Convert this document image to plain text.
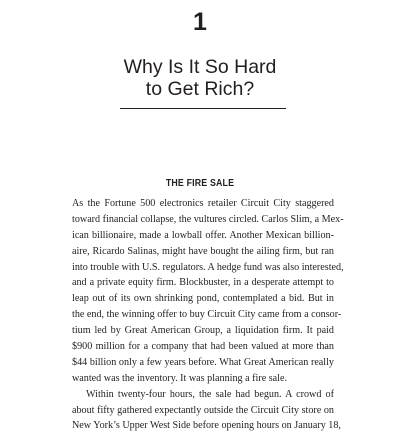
1
Why Is It So Hard
to Get Rich?
THE FIRE SALE
As the Fortune 500 electronics retailer Circuit City staggered
toward financial collapse, the vultures circled. Carlos Slim, a Mex-
ican billionaire, made a lowball offer. Another Mexican billion-
aire, Ricardo Salinas, might have bought the ailing firm, but ran
into trouble with U.S. regulators. A hedge fund was also interested,
and a private equity firm. Blockbuster, in a desperate attempt to
leap out of its own shrinking pond, contemplated a bid. But in
the end, the winning offer to buy Circuit City came from a consor-
tium led by Great American Group, a liquidation firm. It paid
$900 million for a company that had been valued at more than
$44 billion only a few years before. What Great American really
wanted was the inventory. It was planning a fire sale.
Within twenty-four hours, the sale had begun. A crowd of
about fifty gathered expectantly outside the Circuit City store on
New York’s Upper West Side before opening hours on January 18,
